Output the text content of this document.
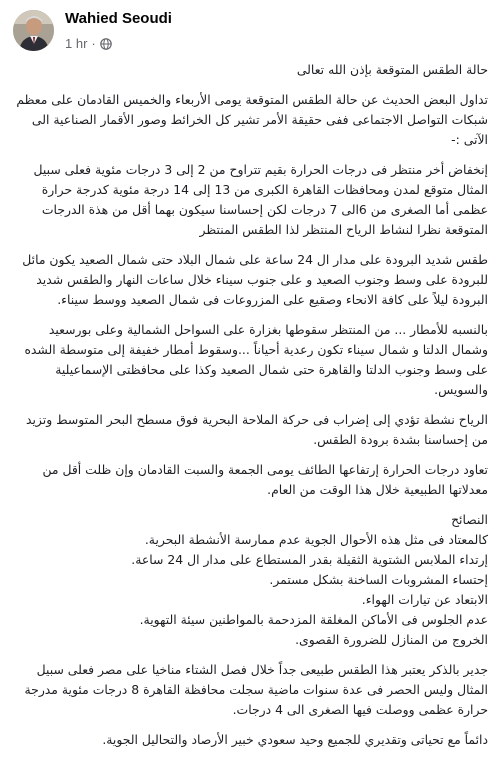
Wahied Seoudi
1 hr ·

حالة الطقس المتوقعة بإذن الله تعالى

تداول البعض الحديث عن حالة الطقس المتوقعة يومى الأربعاء والخميس القادمان على معظم شبكات التواصل الاجتماعى ففى حقيقة الأمر تشير كل الخرائط وصور الأقمار الصناعية الى الآتى :-

إنخفاض أخر منتظر فى درجات الحرارة بقيم تتراوح من 2 إلى 3 درجات مئوية فعلى سبيل المثال متوقع لمدن ومحافظات القاهرة الكبرى من 13 إلى 14 درجة مئوية كدرجة حرارة عظمى أما الصغرى من 6الى 7 درجات لكن إحساسنا سيكون بهما أقل من هذة الدرجات المتوقعة نظرا لنشاط الرياح المنتظر لذا الطقس المنتظر

طقس شديد البرودة على مدار ال 24 ساعة على شمال البلاد حتى شمال الصعيد يكون مائل للبرودة على وسط وجنوب الصعيد و على جنوب سيناء خلال ساعات النهار والطقس شديد البرودة ليلاً على كافة الانحاء وصقيع على المزروعات فى شمال الصعيد ووسط سيناء.

بالنسبه للأمطار ... من المنتظر سقوطها بغزارة على السواحل الشمالية وعلى بورسعيد وشمال الدلتا و شمال سيناء تكون رعدية أحياناً ...وسقوط أمطار خفيفة إلى متوسطة الشده على وسط وجنوب الدلتا والقاهرة حتى شمال الصعيد وكذا على محافظتى الإسماعيلية والسويس.

الرياح نشطة تؤدي إلى إضراب فى حركة الملاحة البحرية فوق مسطح البحر المتوسط وتزيد من إحساسنا بشدة برودة الطقس.

تعاود درجات الحرارة إرتفاعها الطائف يومى الجمعة والسبت القادمان وإن ظلت أقل من معدلاتها الطبيعية خلال هذا الوقت من العام.

النصائح
كالمعتاد فى مثل هذه الأحوال الجوية عدم ممارسة الأنشطة البحرية.
إرتداء الملابس الشتوية الثقيلة بقدر المستطاع على مدار ال 24 ساعة.
إحتساء المشروبات الساخنة بشكل مستمر.
الابتعاد عن تيارات الهواء.
عدم الجلوس فى الأماكن المغلقة المزدحمة بالمواطنين سيئة التهوية.
الخروج من المنازل للضرورة القصوى.

جدير بالذكر يعتبر هذا الطقس طبيعى جداً خلال فصل الشتاء مناخيا على مصر فعلى سبيل المثال وليس الحصر فى عدة سنوات ماضية سجلت محافظة القاهرة 8 درجات مئوية مدرجة حرارة عظمى ووصلت فيها الصغرى الى 4 درجات.

دائماً مع تحياتى وتقديري للجميع وحيد سعودي خبير الأرصاد والتحاليل الجوية.
